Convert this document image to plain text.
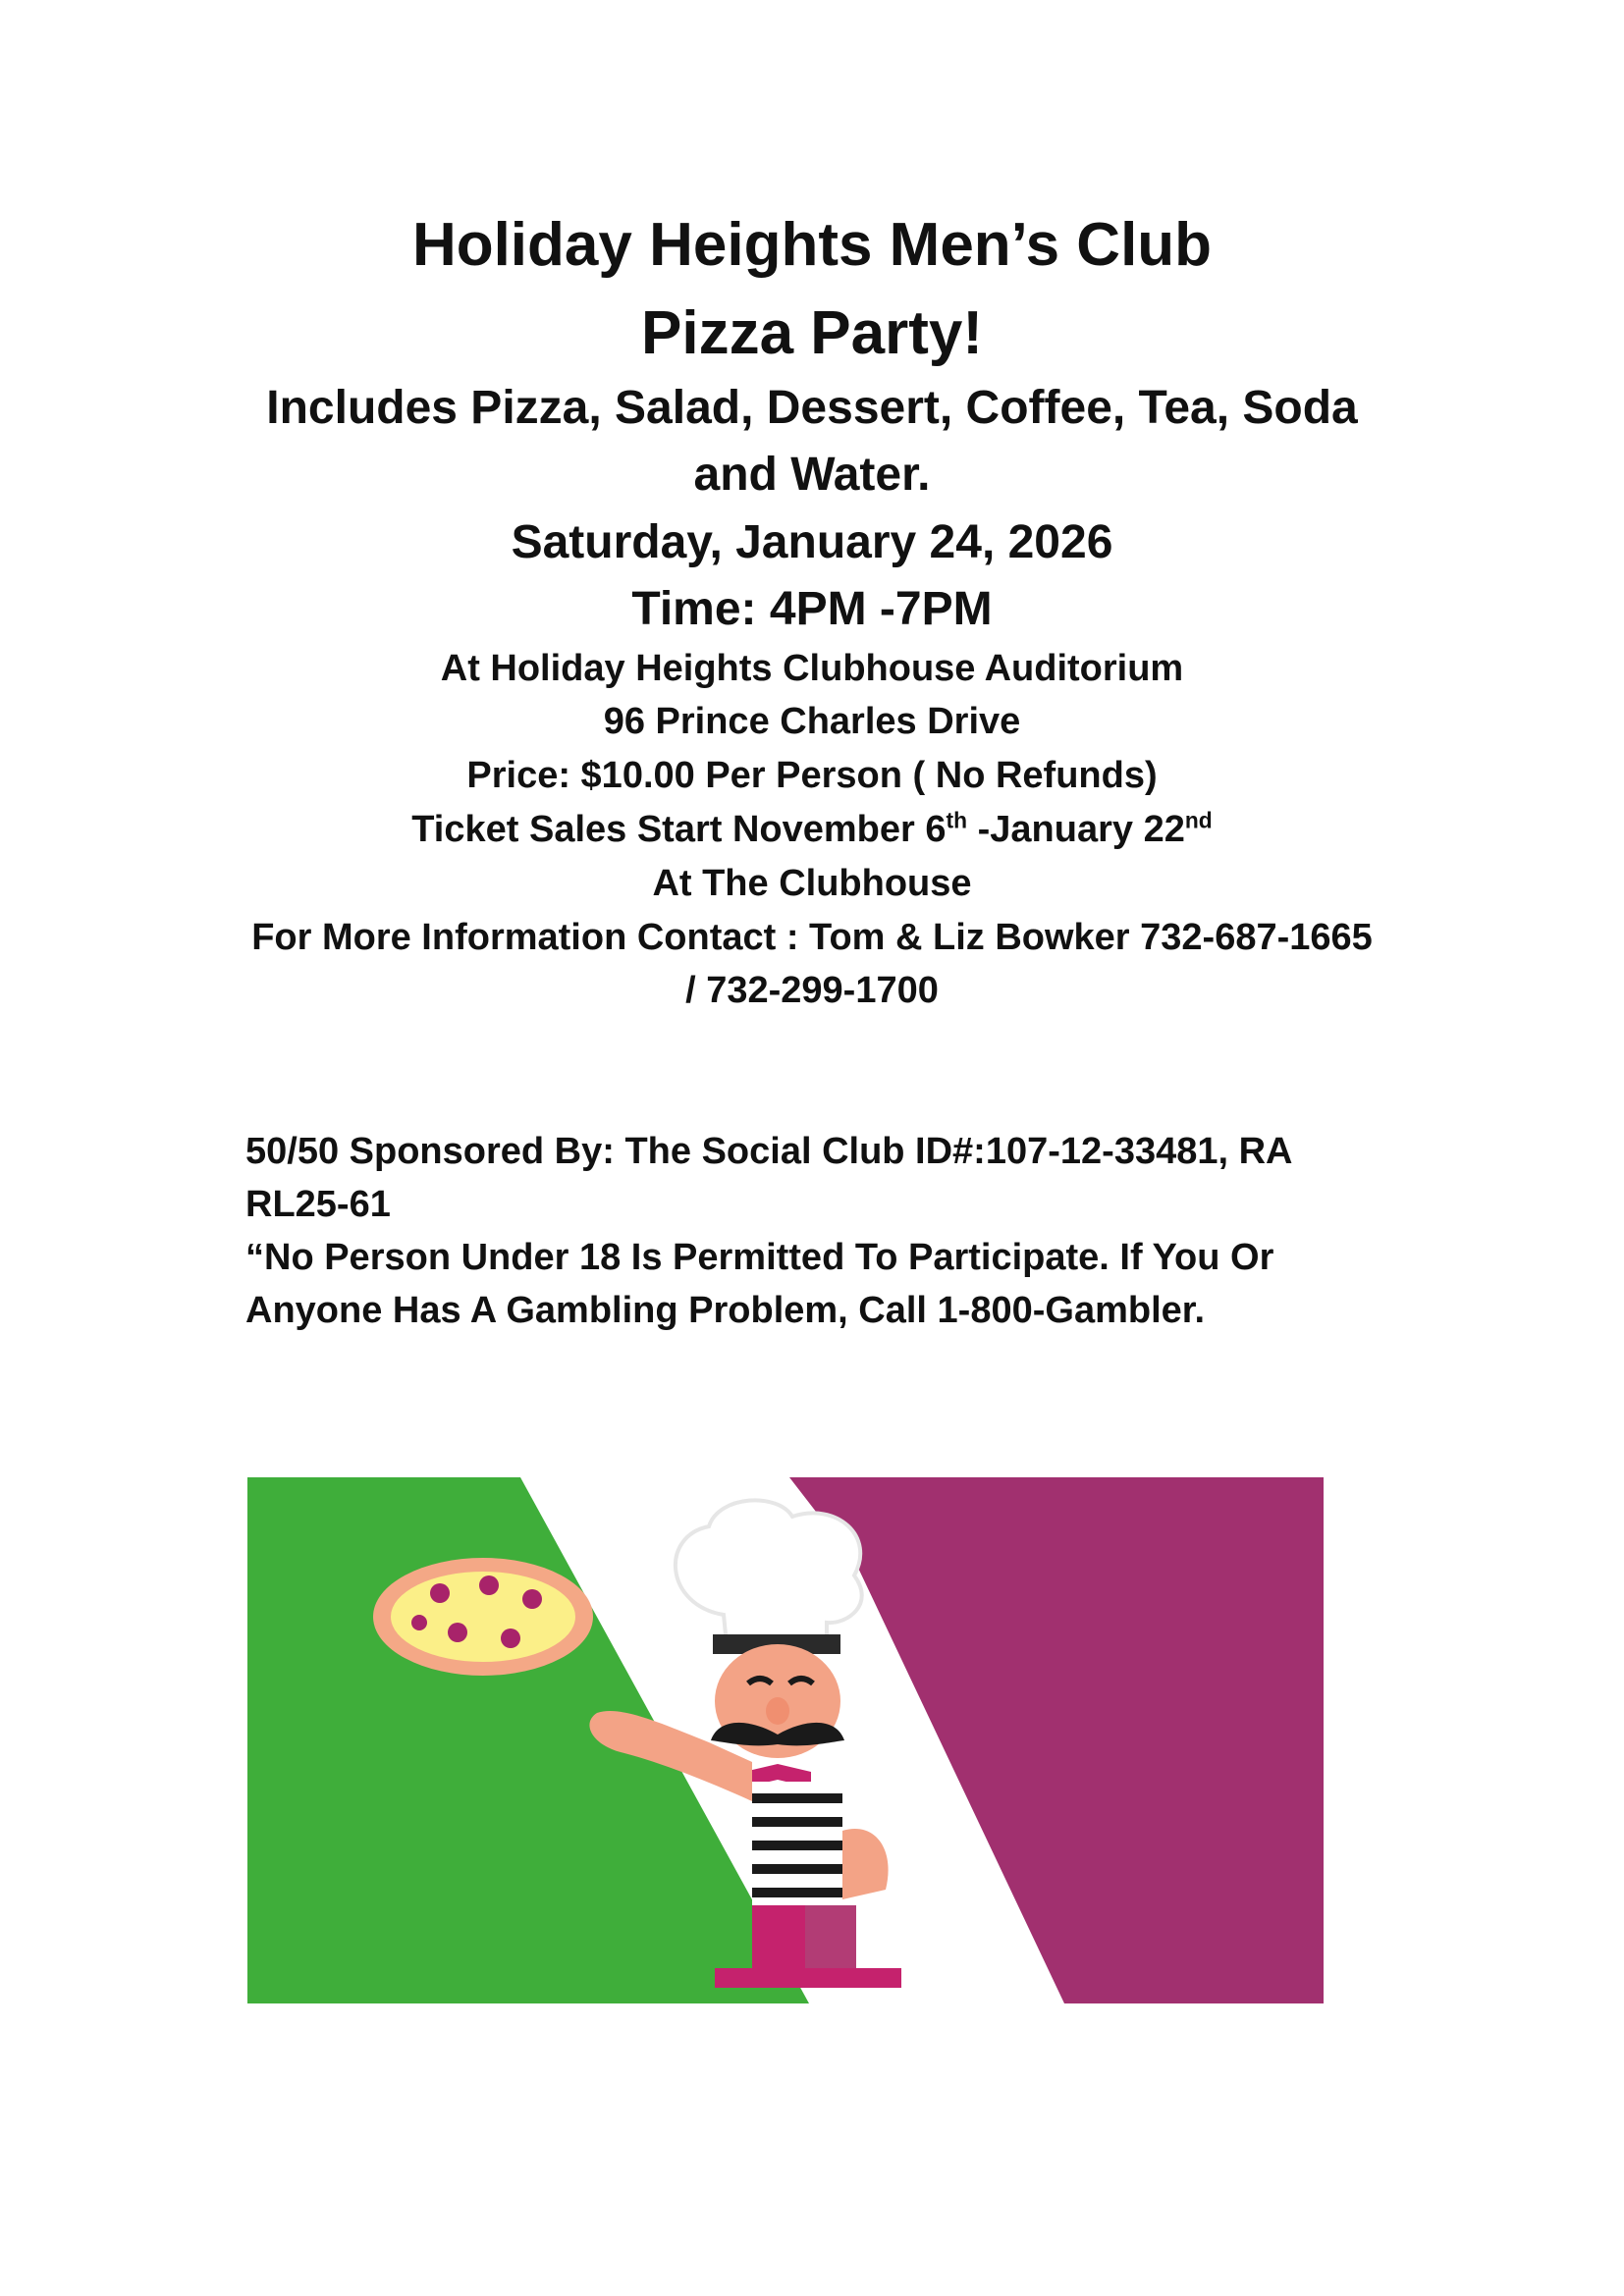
Holiday Heights Men’s Club
Pizza Party!
Includes Pizza, Salad, Dessert, Coffee, Tea, Soda and Water.
Saturday, January 24, 2026
Time: 4PM -7PM
At Holiday Heights Clubhouse Auditorium
96 Prince Charles Drive
Price: $10.00 Per Person ( No Refunds)
Ticket Sales Start November 6th -January 22nd
At The Clubhouse
For More Information Contact : Tom & Liz Bowker 732-687-1665 / 732-299-1700

50/50 Sponsored By: The Social Club ID#:107-12-33481, RA RL25-61

“No Person Under 18 Is Permitted To Participate. If You Or Anyone Has A Gambling Problem, Call 1-800-Gambler.
